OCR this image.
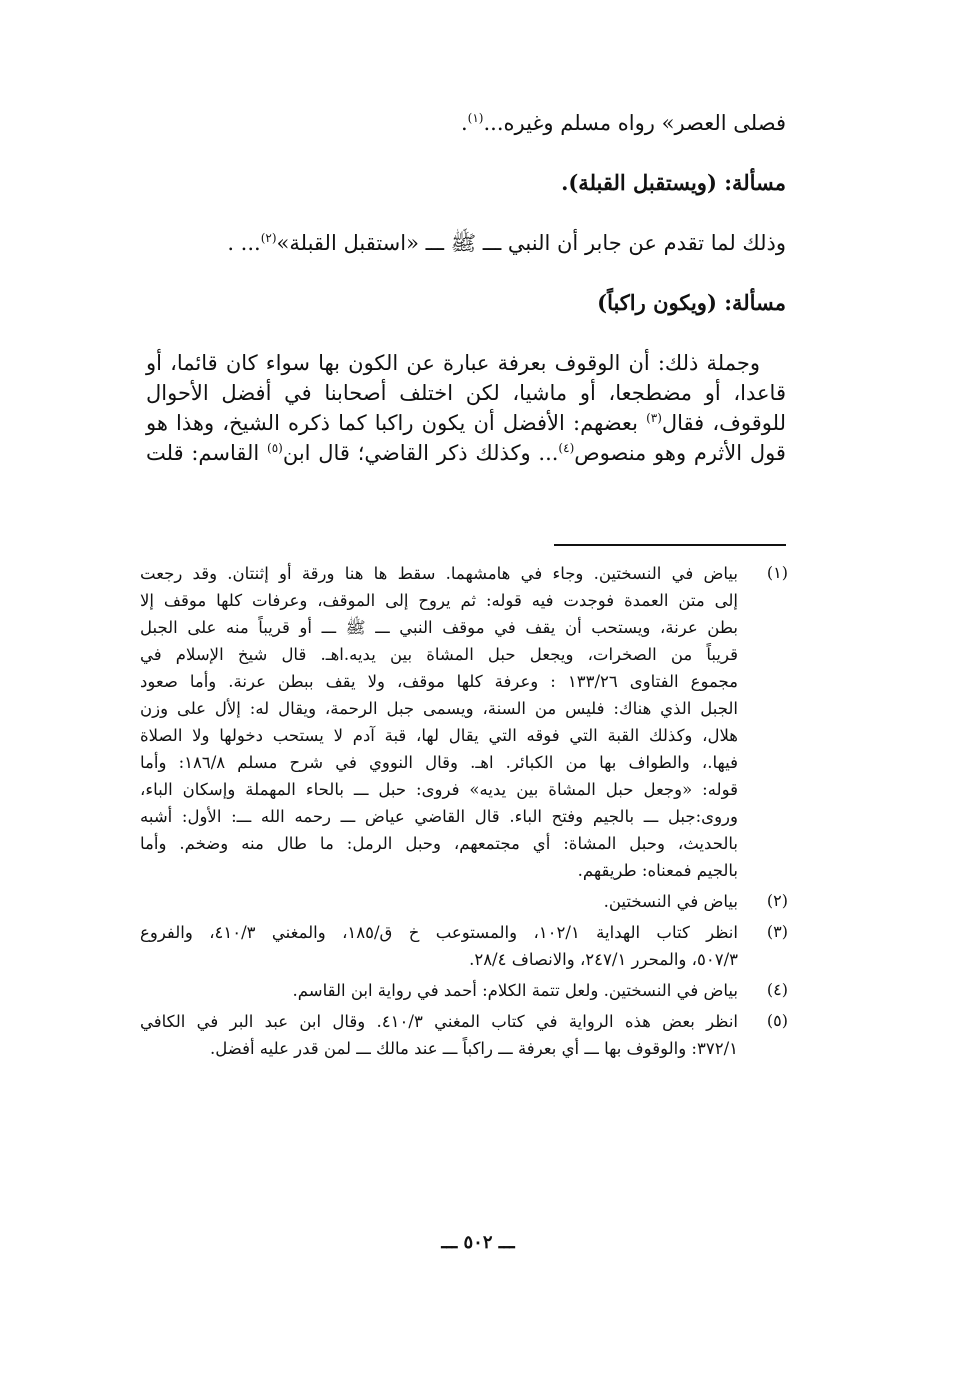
فصلى العصر» رواه مسلم وغيره...$^{(١)}$.
مسألة: (ويستقبل القبلة).
وذلك لما تقدم عن جابر أن النبي ـــ ﷺ ـــ «استقبل القبلة»$^{(٢)}$... .
مسألة: (ويكون راكباً)
وجملة ذلك: أن الوقوف بعرفة عبارة عن الكون بها سواء كان قائما، أو
قاعدا، أو مضطجعا، أو ماشيا، لكن اختلف أصحابنا في أفضل الأحوال
للوقوف، فقال$^{(٣)}$ بعضهم: الأفضل أن يكون راكبا كما ذكره الشيخ، وهذا هو
قول الأثرم وهو منصوص$^{(٤)}$... وكذلك ذكر القاضي؛ قال ابن$^{(٥)}$ القاسم: قلت
(١)
بياض في النسختين. وجاء في هامشهما. سقط ها هنا ورقة أو إثنتان. وقد رجعت
إلى متن العمدة فوجدت فيه قوله: ثم يروح إلى الموقف، وعرفات كلها موقف إلا
بطن عرنة، ويستحب أن يقف في موقف النبي ـــ ﷺ ـــ أو قريباً منه على الجبل
قريباً من الصخرات، ويجعل حبل المشاة بين يديه.اهـ. قال شيخ الإسلام في
مجموع الفتاوى ١٣٣/٢٦ : وعرفة كلها موقف، ولا يقف ببطن عرنة. وأما صعود
الجبل الذي هناك: فليس من السنة، ويسمى جبل الرحمة، ويقال له: إلأل على وزن
هلال، وكذلك القبة التي فوقه التي يقال لها، قبة آدم لا يستحب دخولها ولا الصلاة
فيها.، والطواف بها من الكبائر. اهـ. وقال النووي في شرح مسلم ١٨٦/٨: وأما
قوله: «وجعل حبل المشاة بين يديه» فروى: حبل ـــ بالحاء المهملة وإسكان الباء،
وروى:جبل ـــ بالجيم وفتح الباء. قال القاضي عياض ـــ رحمه الله ـــ: الأول: أشبه
بالحديث، وحبل المشاة: أي مجتمعهم، وحبل الرمل: ما طال منه وضخم. وأما
بالجيم فمعناه: طريقهم.
(٢)
بياض في النسختين.
(٣)
انظر كتاب الهداية ١٠٢/١، والمستوعب خ ق/١٨٥، والمغني ٤١٠/٣، والفروع
٥٠٧/٣، والمحرر ٢٤٧/١، والانصاف ٢٨/٤.
(٤)
بياض في النسختين. ولعل تتمة الكلام: أحمد في رواية ابن القاسم.
(٥)
انظر بعض هذه الرواية في كتاب المغني ٤١٠/٣. وقال ابن عبد البر في الكافي
٣٧٢/١: والوقوف بها ـــ أي بعرفة ـــ راكباً ـــ عند مالك ـــ لمن قدر عليه أفضل.
ـــ ٥٠٢ ـــ
